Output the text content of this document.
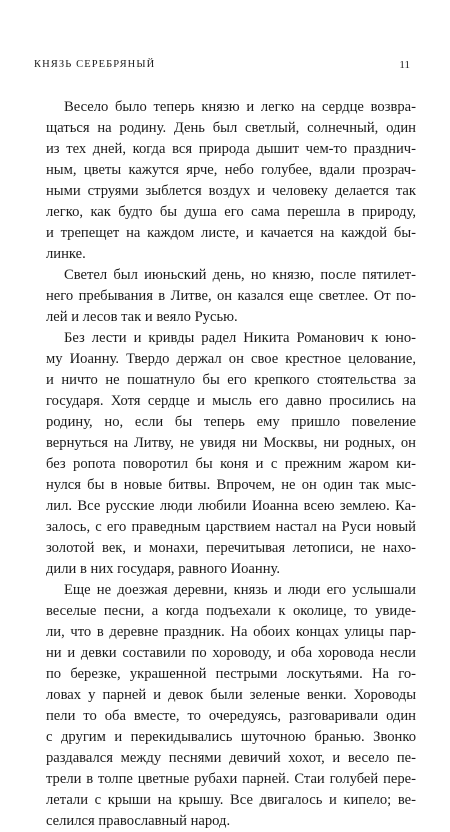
КНЯЗЬ СЕРЕБРЯНЫЙ	11
Весело было теперь князю и легко на сердце возвра-
щаться на родину. День был светлый, солнечный, один
из тех дней, когда вся природа дышит чем-то празднич-
ным, цветы кажутся ярче, небо голубее, вдали прозрач-
ными струями зыблется воздух и человеку делается так
легко, как будто бы душа его сама перешла в природу,
и трепещет на каждом листе, и качается на каждой бы-
линке.
Светел был июньский день, но князю, после пятилет-
него пребывания в Литве, он казался еще светлее. От по-
лей и лесов так и веяло Русью.
Без лести и кривды радел Никита Романович к юно-
му Иоанну. Твердо держал он свое крестное целование,
и ничто не пошатнуло бы его крепкого стоятельства за
государя. Хотя сердце и мысль его давно просились на
родину, но, если бы теперь ему пришло повеление
вернуться на Литву, не увидя ни Москвы, ни родных, он
без ропота поворотил бы коня и с прежним жаром ки-
нулся бы в новые битвы. Впрочем, не он один так мыс-
лил. Все русские люди любили Иоанна всею землею. Ка-
залось, с его праведным царствием настал на Руси новый
золотой век, и монахи, перечитывая летописи, не нахо-
дили в них государя, равного Иоанну.
Еще не доезжая деревни, князь и люди его услышали
веселые песни, а когда подъехали к околице, то увиде-
ли, что в деревне праздник. На обоих концах улицы пар-
ни и девки составили по хороводу, и оба хоровода несли
по березке, украшенной пестрыми лоскутьями. На го-
ловах у парней и девок были зеленые венки. Хороводы
пели то оба вместе, то очередуясь, разговаривали один
с другим и перекидывались шуточною бранью. Звонко
раздавался между песнями девичий хохот, и весело пе-
трели в толпе цветные рубахи парней. Стаи голубей пере-
летали с крыши на крышу. Все двигалось и кипело; ве-
селился православный народ.
